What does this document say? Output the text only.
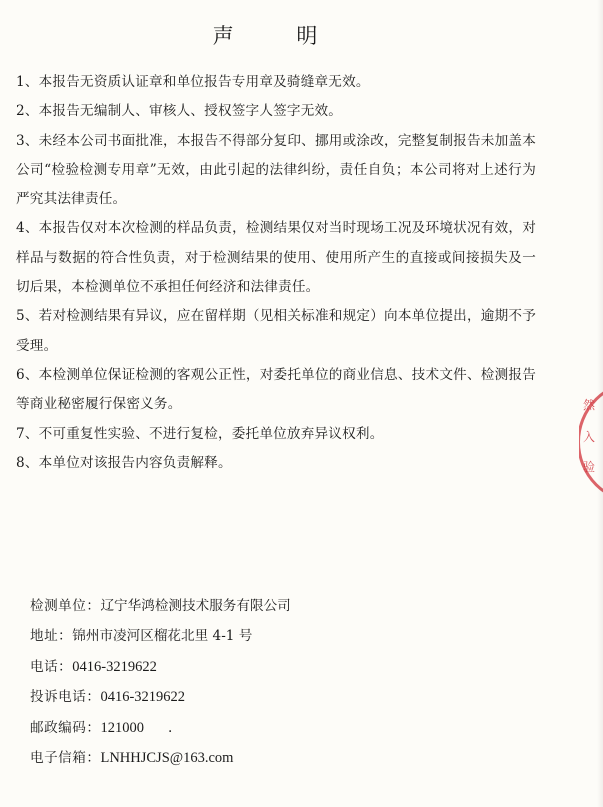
声 明

1、本报告无资质认证章和单位报告专用章及骑缝章无效。

2、本报告无编制人、审核人、授权签字人签字无效。

3、未经本公司书面批准，本报告不得部分复印、挪用或涂改，完整复制报告未加盖本公司“检验检测专用章”无效，由此引起的法律纠纷，责任自负；本公司将对上述行为严究其法律责任。

4、本报告仅对本次检测的样品负责，检测结果仅对当时现场工况及环境状况有效，对样品与数据的符合性负责，对于检测结果的使用、使用所产生的直接或间接损失及一切后果，本检测单位不承担任何经济和法律责任。

5、若对检测结果有异议，应在留样期（见相关标准和规定）向本单位提出，逾期不予受理。

6、本检测单位保证检测的客观公正性，对委托单位的商业信息、技术文件、检测报告等商业秘密履行保密义务。

7、不可重复性实验、不进行复检，委托单位放弃异议权利。

8、本单位对该报告内容负责解释。

检测单位：辽宁华鸿检测技术服务有限公司
地址：锦州市凌河区榴花北里 4-1 号
电话：0416-3219622
投诉电话：0416-3219622
邮政编码：121000 .
电子信箱：LNHHJCJS@163.com
然
入
验
